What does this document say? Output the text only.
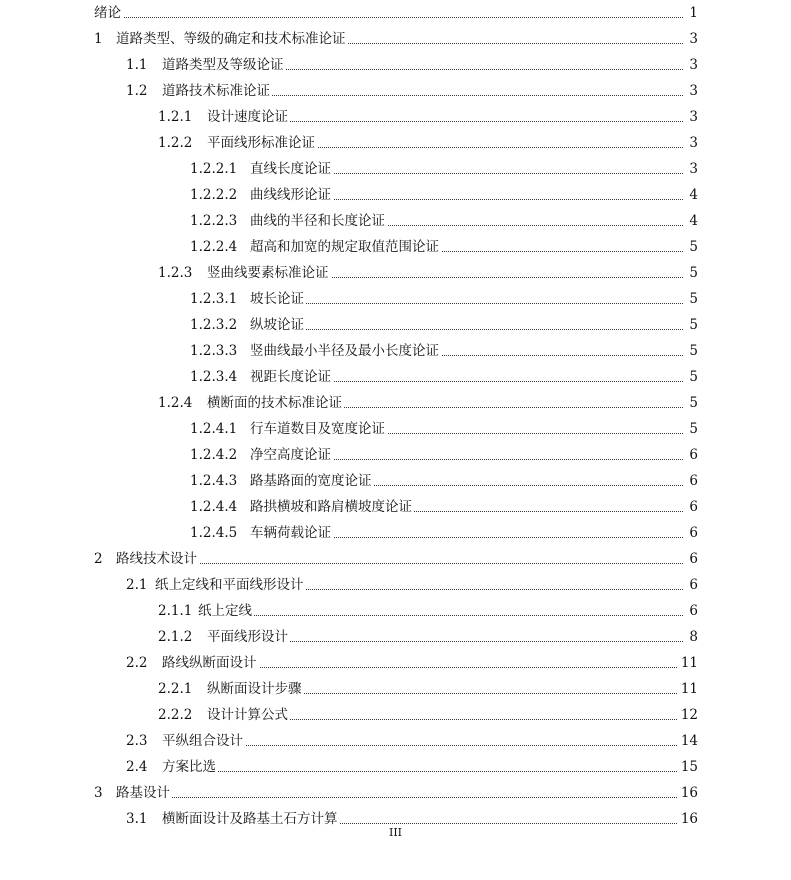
绪论	1
1 道路类型、等级的确定和技术标准论证	3
1.1 道路类型及等级论证	3
1.2 道路技术标准论证	3
1.2.1 设计速度论证	3
1.2.2 平面线形标准论证	3
1.2.2.1 直线长度论证	3
1.2.2.2 曲线线形论证	4
1.2.2.3 曲线的半径和长度论证	4
1.2.2.4 超高和加宽的规定取值范围论证	5
1.2.3 竖曲线要素标准论证	5
1.2.3.1 坡长论证	5
1.2.3.2 纵坡论证	5
1.2.3.3 竖曲线最小半径及最小长度论证	5
1.2.3.4 视距长度论证	5
1.2.4 横断面的技术标准论证	5
1.2.4.1 行车道数目及宽度论证	5
1.2.4.2 净空高度论证	6
1.2.4.3 路基路面的宽度论证	6
1.2.4.4 路拱横坡和路肩横坡度论证	6
1.2.4.5 车辆荷载论证	6
2 路线技术设计	6
2.1 纸上定线和平面线形设计	6
2.1.1 纸上定线	6
2.1.2 平面线形设计	8
2.2 路线纵断面设计	11
2.2.1 纵断面设计步骤	11
2.2.2 设计计算公式	12
2.3 平纵组合设计	14
2.4 方案比选	15
3 路基设计	16
3.1 横断面设计及路基土石方计算	16
III
